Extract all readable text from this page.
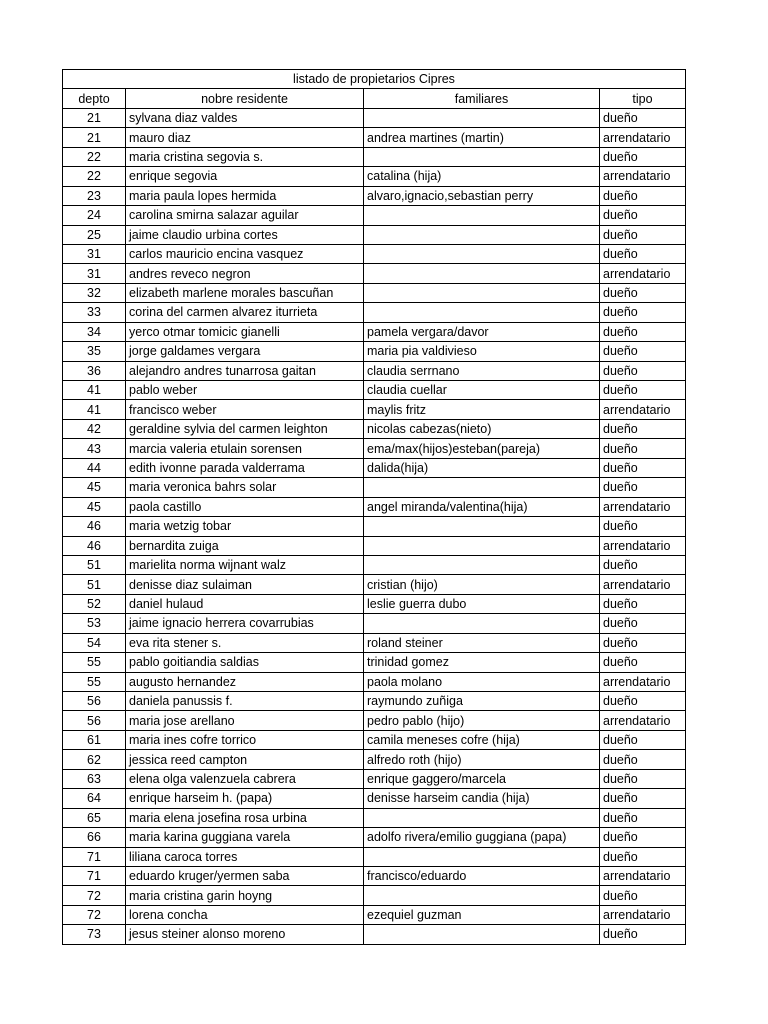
listado de propietarios Cipres			
depto	nobre residente	familiares	tipo
21	sylvana diaz valdes		dueño
21	mauro diaz	andrea martines (martin)	arrendatario
22	maria cristina segovia s.		dueño
22	enrique segovia	catalina (hija)	arrendatario
23	maria paula lopes hermida	alvaro,ignacio,sebastian perry	dueño
24	carolina smirna salazar aguilar		dueño
25	jaime claudio urbina cortes		dueño
31	carlos mauricio encina vasquez		dueño
31	andres reveco negron		arrendatario
32	elizabeth marlene morales bascuñan		dueño
33	corina del carmen alvarez iturrieta		dueño
34	yerco otmar tomicic gianelli	pamela vergara/davor	dueño
35	jorge galdames vergara	maria pia valdivieso	dueño
36	alejandro andres tunarrosa gaitan	claudia serrnano	dueño
41	pablo weber	claudia cuellar	dueño
41	francisco weber	maylis fritz	arrendatario
42	geraldine sylvia del carmen leighton	nicolas cabezas(nieto)	dueño
43	marcia valeria etulain sorensen	ema/max(hijos)esteban(pareja)	dueño
44	edith ivonne parada valderrama	dalida(hija)	dueño
45	maria veronica bahrs solar		dueño
45	paola castillo	angel miranda/valentina(hija)	arrendatario
46	maria wetzig tobar		dueño
46	bernardita zuiga		arrendatario
51	marielita norma wijnant walz		dueño
51	denisse diaz sulaiman	cristian (hijo)	arrendatario
52	daniel hulaud	leslie guerra dubo	dueño
53	jaime ignacio herrera covarrubias		dueño
54	eva rita stener s.	roland steiner	dueño
55	pablo goitiandia saldias	trinidad gomez	dueño
55	augusto hernandez	paola molano	arrendatario
56	daniela panussis f.	raymundo zuñiga	dueño
56	maria jose arellano	pedro pablo (hijo)	arrendatario
61	maria ines cofre torrico	camila meneses cofre (hija)	dueño
62	jessica reed campton	alfredo roth (hijo)	dueño
63	elena olga valenzuela cabrera	enrique gaggero/marcela	dueño
64	enrique harseim h. (papa)	denisse harseim candia (hija)	dueño
65	maria elena josefina rosa urbina		dueño
66	maria karina guggiana varela	adolfo rivera/emilio guggiana (papa)	dueño
71	liliana caroca torres		dueño
71	eduardo kruger/yermen saba	francisco/eduardo	arrendatario
72	maria cristina garin hoyng		dueño
72	lorena concha	ezequiel guzman	arrendatario
73	jesus steiner alonso moreno		dueño
